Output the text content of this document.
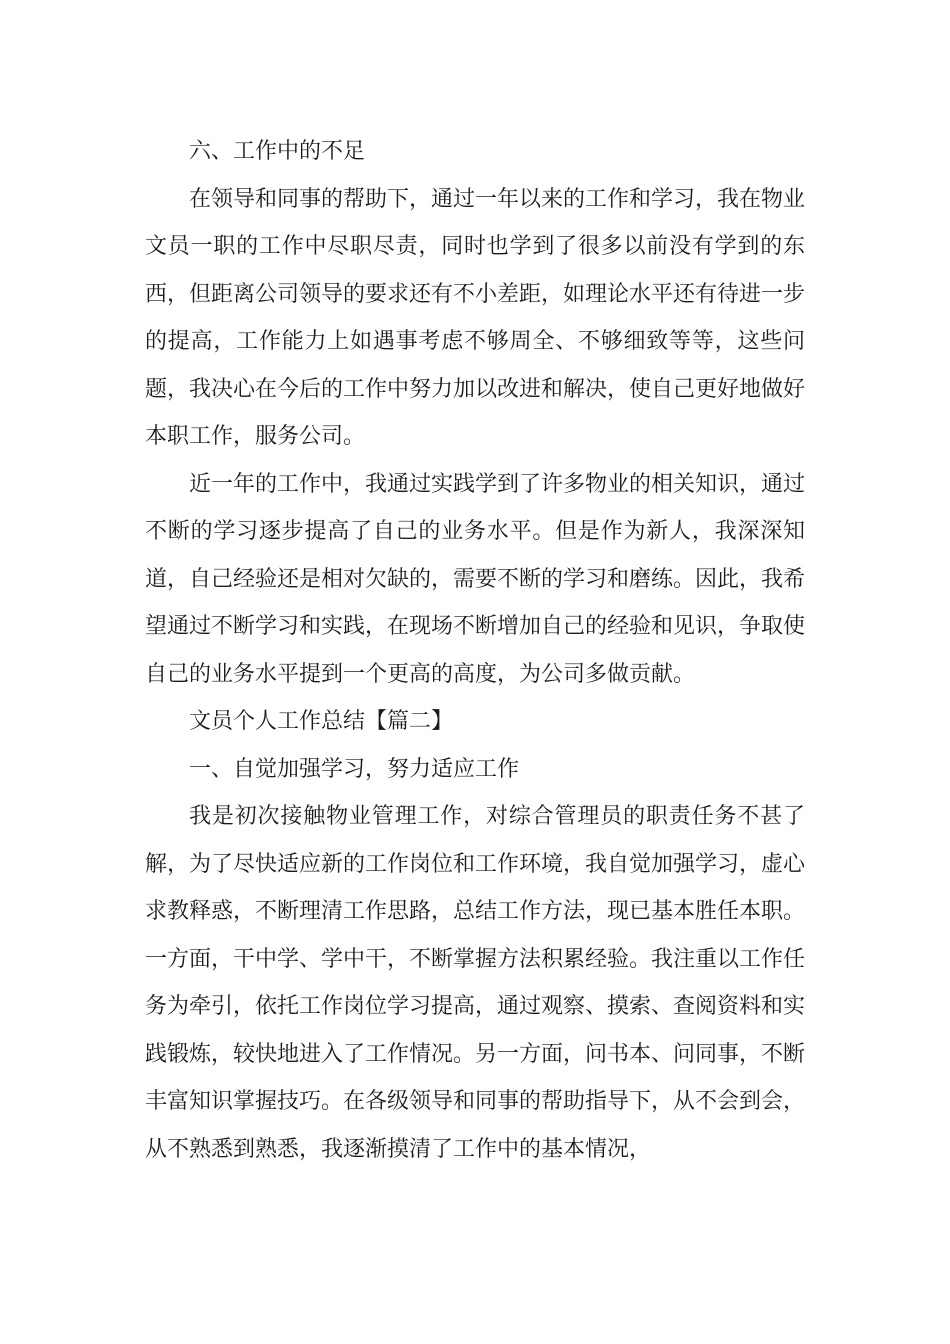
六、工作中的不足

在领导和同事的帮助下，通过一年以来的工作和学习，我在物业文员一职的工作中尽职尽责，同时也学到了很多以前没有学到的东西，但距离公司领导的要求还有不小差距，如理论水平还有待进一步的提高，工作能力上如遇事考虑不够周全、不够细致等等，这些问题，我决心在今后的工作中努力加以改进和解决，使自己更好地做好本职工作，服务公司。

近一年的工作中，我通过实践学到了许多物业的相关知识，通过不断的学习逐步提高了自己的业务水平。但是作为新人，我深深知道，自己经验还是相对欠缺的，需要不断的学习和磨练。因此，我希望通过不断学习和实践，在现场不断增加自己的经验和见识，争取使自己的业务水平提到一个更高的高度，为公司多做贡献。

文员个人工作总结【篇二】

一、自觉加强学习，努力适应工作

我是初次接触物业管理工作，对综合管理员的职责任务不甚了解，为了尽快适应新的工作岗位和工作环境，我自觉加强学习，虚心求教释惑，不断理清工作思路，总结工作方法，现已基本胜任本职。一方面，干中学、学中干，不断掌握方法积累经验。我注重以工作任务为牵引，依托工作岗位学习提高，通过观察、摸索、查阅资料和实践锻炼，较快地进入了工作情况。另一方面，问书本、问同事，不断丰富知识掌握技巧。在各级领导和同事的帮助指导下，从不会到会，从不熟悉到熟悉，我逐渐摸清了工作中的基本情况，
